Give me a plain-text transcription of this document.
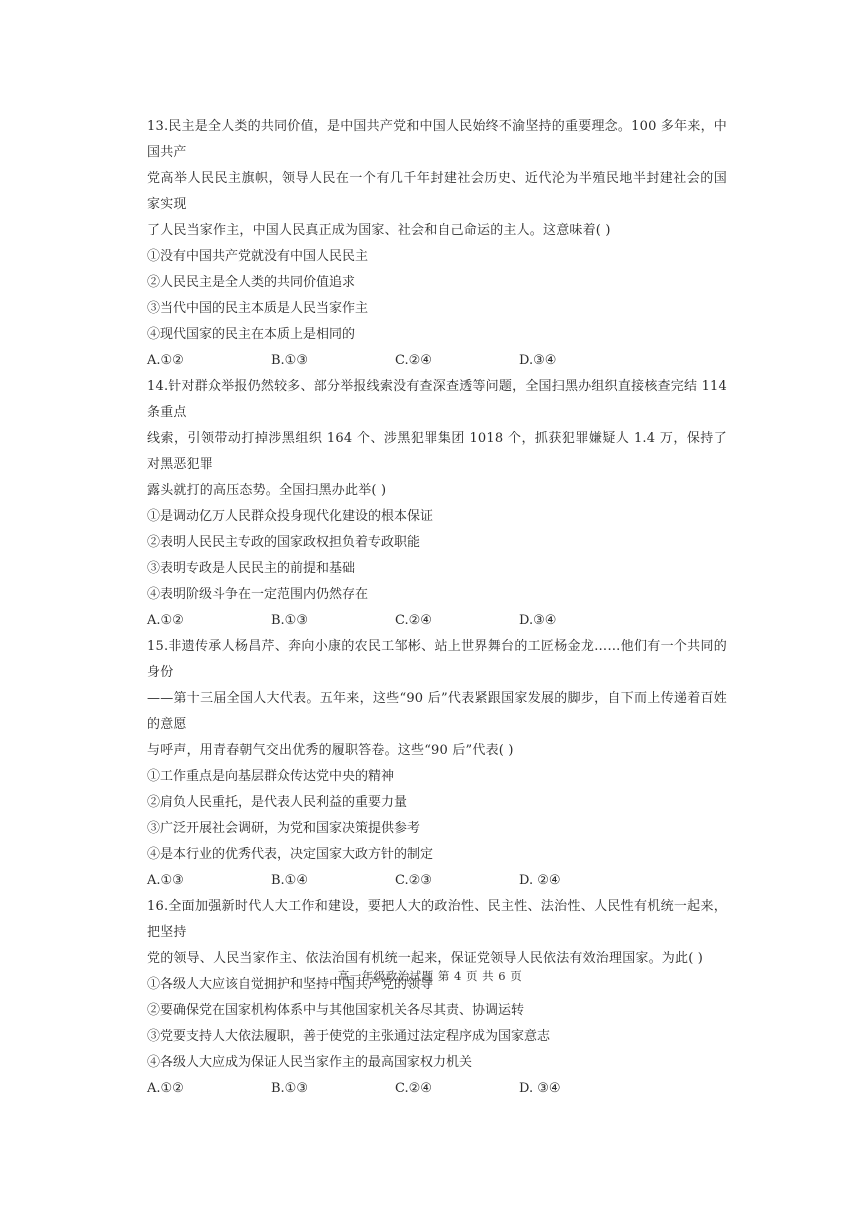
13.民主是全人类的共同价值，是中国共产党和中国人民始终不渝坚持的重要理念。100 多年来，中国共产

党高举人民民主旗帜，领导人民在一个有几千年封建社会历史、近代沦为半殖民地半封建社会的国家实现

了人民当家作主，中国人民真正成为国家、社会和自己命运的主人。这意味着( )

①没有中国共产党就没有中国人民民主

②人民民主是全人类的共同价值追求

③当代中国的民主本质是人民当家作主

④现代国家的民主在本质上是相同的

A.①②	B.①③	C.②④	D.③④

14.针对群众举报仍然较多、部分举报线索没有查深查透等问题，全国扫黑办组织直接核查完结 114 条重点

线索，引领带动打掉涉黑组织 164 个、涉黑犯罪集团 1018 个，抓获犯罪嫌疑人 1.4 万，保持了对黑恶犯罪

露头就打的高压态势。全国扫黑办此举( )

①是调动亿万人民群众投身现代化建设的根本保证

②表明人民民主专政的国家政权担负着专政职能

③表明专政是人民民主的前提和基础

④表明阶级斗争在一定范围内仍然存在

A.①②	B.①③	C.②④	D.③④

15.非遗传承人杨昌芹、奔向小康的农民工邹彬、站上世界舞台的工匠杨金龙……他们有一个共同的身份

——第十三届全国人大代表。五年来，这些“90 后”代表紧跟国家发展的脚步，自下而上传递着百姓的意愿

与呼声，用青春朝气交出优秀的履职答卷。这些“90 后”代表( )

①工作重点是向基层群众传达党中央的精神

②肩负人民重托，是代表人民利益的重要力量

③广泛开展社会调研，为党和国家决策提供参考

④是本行业的优秀代表，决定国家大政方针的制定

A.①③	B.①④	C.②③	D. ②④

16.全面加强新时代人大工作和建设，要把人大的政治性、民主性、法治性、人民性有机统一起来，把坚持

党的领导、人民当家作主、依法治国有机统一起来，保证党领导人民依法有效治理国家。为此( )

①各级人大应该自觉拥护和坚持中国共产党的领导

②要确保党在国家机构体系中与其他国家机关各尽其责、协调运转

③党要支持人大依法履职，善于使党的主张通过法定程序成为国家意志

④各级人大应成为保证人民当家作主的最高国家权力机关

A.①②	B.①③	C.②④	D. ③④
高一年级政治试题 第 4 页 共 6 页
